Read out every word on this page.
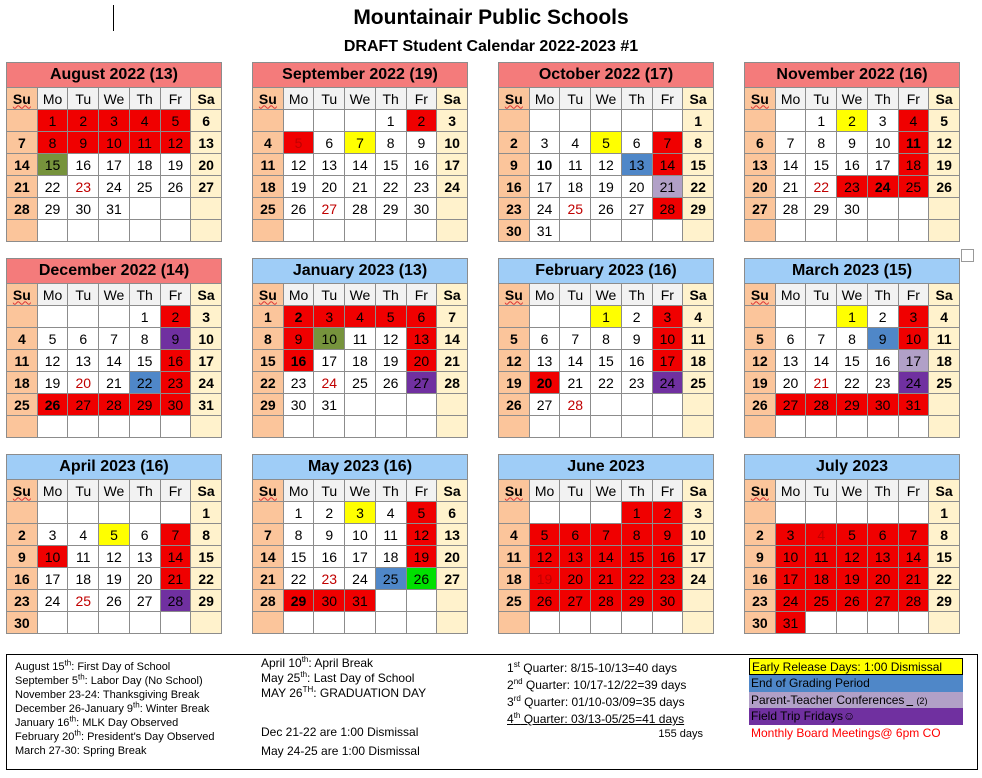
Mountainair Public Schools
DRAFT Student Calendar 2022-2023 #1
August 2022 (13)						
Su	Mo	Tu	We	Th	Fr	Sa
	1	2	3	4	5	6
7	8	9	10	11	12	13
14	15	16	17	18	19	20
21	22	23	24	25	26	27
28	29	30	31			

September 2022 (19)						
Su	Mo	Tu	We	Th	Fr	Sa
				1	2	3
4	5	6	7	8	9	10
11	12	13	14	15	16	17
18	19	20	21	22	23	24
25	26	27	28	29	30	

October 2022 (17)						
Su	Mo	Tu	We	Th	Fr	Sa
						1
2	3	4	5	6	7	8
9	10	11	12	13	14	15
16	17	18	19	20	21	22
23	24	25	26	27	28	29
30	31					
November 2022 (16)						
Su	Mo	Tu	We	Th	Fr	Sa
		1	2	3	4	5
6	7	8	9	10	11	12
13	14	15	16	17	18	19
20	21	22	23	24	25	26
27	28	29	30			

December 2022 (14)						
Su	Mo	Tu	We	Th	Fr	Sa
				1	2	3
4	5	6	7	8	9	10
11	12	13	14	15	16	17
18	19	20	21	22	23	24
25	26	27	28	29	30	31

January 2023 (13)						
Su	Mo	Tu	We	Th	Fr	Sa
1	2	3	4	5	6	7
8	9	10	11	12	13	14
15	16	17	18	19	20	21
22	23	24	25	26	27	28
29	30	31				

February 2023 (16)						
Su	Mo	Tu	We	Th	Fr	Sa
			1	2	3	4
5	6	7	8	9	10	11
12	13	14	15	16	17	18
19	20	21	22	23	24	25
26	27	28				

March 2023 (15)						
Su	Mo	Tu	We	Th	Fr	Sa
			1	2	3	4
5	6	7	8	9	10	11
12	13	14	15	16	17	18
19	20	21	22	23	24	25
26	27	28	29	30	31	

April 2023 (16)						
Su	Mo	Tu	We	Th	Fr	Sa
						1
2	3	4	5	6	7	8
9	10	11	12	13	14	15
16	17	18	19	20	21	22
23	24	25	26	27	28	29
30						
May 2023 (16)						
Su	Mo	Tu	We	Th	Fr	Sa
	1	2	3	4	5	6
7	8	9	10	11	12	13
14	15	16	17	18	19	20
21	22	23	24	25	26	27
28	29	30	31			

June 2023						
Su	Mo	Tu	We	Th	Fr	Sa
				1	2	3
4	5	6	7	8	9	10
11	12	13	14	15	16	17
18	19	20	21	22	23	24
25	26	27	28	29	30	

July 2023						
Su	Mo	Tu	We	Th	Fr	Sa
						1
2	3	4	5	6	7	8
9	10	11	12	13	14	15
16	17	18	19	20	21	22
23	24	25	26	27	28	29
30	31					
August 15th: First Day of School
September 5th: Labor Day (No School)
November 23-24: Thanksgiving Break
December 26-January 9th: Winter Break
January 16th: MLK Day Observed
February 20th: President's Day Observed
March 27-30: Spring Break
April 10th: April Break
May 25th: Last Day of School
MAY 26TH: GRADUATION DAY
Dec 21-22 are 1:00 Dismissal
May 24-25 are 1:00 Dismissal
1st Quarter: 8/15-10/13=40 days
2nd Quarter: 10/17-12/22=39 days
3rd Quarter: 01/10-03/09=35 days
4th Quarter: 03/13-05/25=41 days
155 days
Early Release Days: 1:00 Dismissal
End of Grading Period
Parent-Teacher Conferences (2)
Field Trip Fridays☺
Monthly Board Meetings@ 6pm CO
